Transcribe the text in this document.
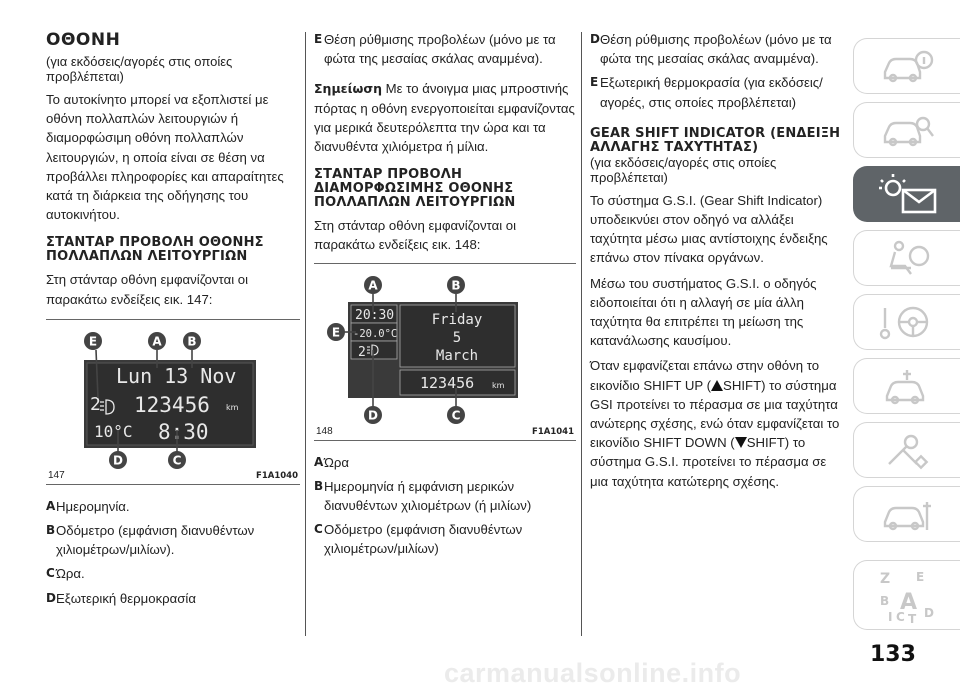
ΟΘΟΝΗ
(για εκδόσεις/αγορές στις οποίες προβλέπεται)
Το αυτοκίνητο μπορεί να εξοπλιστεί με οθόνη πολλαπλών λειτουργιών ή διαμορφώσιμη οθόνη πολλαπλών λειτουργιών, η οποία είναι σε θέση να προβάλλει πληροφορίες και απαραίτητες κατά τη διάρκεια της οδήγησης του αυτοκινήτου.
ΣΤΑΝΤΑΡ ΠΡΟΒΟΛΗ ΟΘΟΝΗΣ ΠΟΛΛΑΠΛΩΝ ΛΕΙΤΟΥΡΓΙΩΝ
Στη στάνταρ οθόνη εμφανίζονται οι παρακάτω ενδείξεις εικ. 147:
Lun 13 Nov
2 123456 km
10°C 8:30
E	A B
D	C
147	F1A1040
A Ημερομηνία.
B Οδόμετρο (εμφάνιση διανυθέντων χιλιομέτρων/μιλίων).
C Ώρα.
D Εξωτερική θερμοκρασία
E Θέση ρύθμισης προβολέων (μόνο με τα φώτα της μεσαίας σκάλας αναμμένα).
Σημείωση Με το άνοιγμα μιας μπροστινής πόρτας η οθόνη ενεργοποιείται εμφανίζοντας για μερικά δευτερόλεπτα την ώρα και τα διανυθέντα χιλιόμετρα ή μίλια.
ΣΤΑΝΤΑΡ ΠΡΟΒΟΛΗ ΔΙΑΜΟΡΦΩΣΙΜΗΣ ΟΘΟΝΗΣ ΠΟΛΛΑΠΛΩΝ ΛΕΙΤΟΥΡΓΙΩΝ
Στη στάνταρ οθόνη εμφανίζονται οι παρακάτω ενδείξεις εικ. 148:
20:30
-20.0°C
2
Friday
5
March
123456 km
A	B
E
D	C
148	F1A1041
A Ώρα
B Ημερομηνία ή εμφάνιση μερικών διανυθέντων χιλιομέτρων (ή μιλίων)
C Οδόμετρο (εμφάνιση διανυθέντων χιλιομέτρων/μιλίων)
D Θέση ρύθμισης προβολέων (μόνο με τα φώτα της μεσαίας σκάλας αναμμένα).
E Εξωτερική θερμοκρασία (για εκδόσεις/αγορές, στις οποίες προβλέπεται)
GEAR SHIFT INDICATOR (ΕΝΔΕΙΞΗ ΑΛΛΑΓΗΣ ΤΑΧΥΤΗΤΑΣ)
(για εκδόσεις/αγορές στις οποίες προβλέπεται)
Το σύστημα G.S.I. (Gear Shift Indicator) υποδεικνύει στον οδηγό να αλλάξει ταχύτητα μέσω μιας αντίστοιχης ένδειξης επάνω στον πίνακα οργάνων.
Μέσω του συστήματος G.S.I. ο οδηγός ειδοποιείται ότι η αλλαγή σε μία άλλη ταχύτητα θα επιτρέπει τη μείωση της κατανάλωσης καυσίμου.
Όταν εμφανίζεται επάνω στην οθόνη το εικονίδιο SHIFT UP ( SHIFT) το σύστημα GSI προτείνει το πέρασμα σε μια ταχύτητα ανώτερης σχέσης, ενώ όταν εμφανίζεται το εικονίδιο SHIFT DOWN ( SHIFT) το σύστημα G.S.I. προτείνει το πέρασμα σε μια ταχύτητα κατώτερης σχέσης.
Z E
B A D
I C T
133
carmanualsonline.info
